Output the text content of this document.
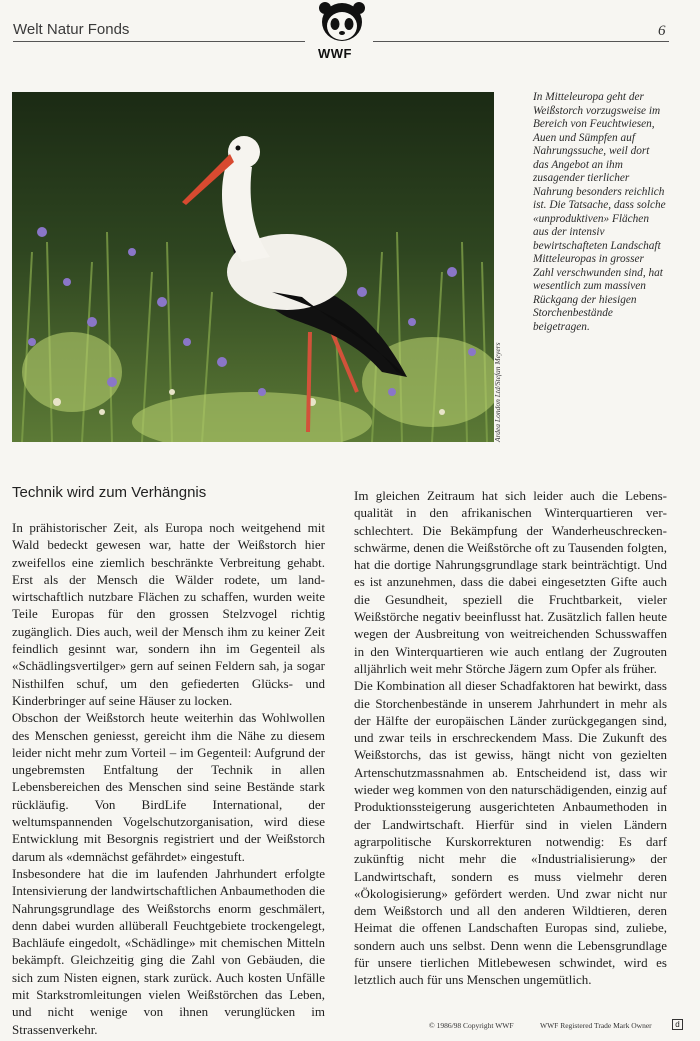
Welt Natur Fonds	6
WWF
Ardea London Ltd/Stefan Meyers
In Mitteleuropa geht der Weißstorch vorzugsweise im Bereich von Feuchtwiesen, Auen und Sümpfen auf Nahrungssuche, weil dort das Angebot an ihm zusagender tierlicher Nahrung besonders reichlich ist. Die Tatsache, dass solche «unproduktiven» Flächen aus der intensiv bewirtschafteten Landschaft Mitteleuropas in grosser Zahl verschwunden sind, hat wesentlich zum massiven Rückgang der hiesigen Storchenbestände beigetragen.
Technik wird zum Verhängnis

In prähistorischer Zeit, als Europa noch weitgehend mit Wald bedeckt gewesen war, hatte der Weißstorch hier zweifellos eine ziemlich beschränkte Verbreitung gehabt. Erst als der Mensch die Wälder rodete, um landwirtschaftlich nutzbare Flächen zu schaffen, wurden weite Teile Europas für den grossen Stelzvogel richtig zugänglich. Dies auch, weil der Mensch ihm zu keiner Zeit feindlich gesinnt war, sondern ihn im Gegenteil als «Schädlingsvertilger» gern auf seinen Feldern sah, ja sogar Nisthilfen schuf, um den gefiederten Glücks- und Kinderbringer auf seine Häuser zu locken.

Obschon der Weißstorch heute weiterhin das Wohlwollen des Menschen geniesst, gereicht ihm die Nähe zu diesem leider nicht mehr zum Vorteil – im Gegenteil: Aufgrund der ungebremsten Entfaltung der Technik in allen Lebensbereichen des Menschen sind seine Bestände stark rückläufig. Von BirdLife International, der weltumspannenden Vogelschutzorganisation, wird diese Entwicklung mit Besorgnis registriert und der Weißstorch darum als «demnächst gefährdet» eingestuft.

Insbesondere hat die im laufenden Jahrhundert erfolgte Intensivierung der landwirtschaftlichen Anbaumethoden die Nahrungsgrundlage des Weißstorchs enorm geschmälert, denn dabei wurden allüberall Feuchtgebiete trockengelegt, Bachläufe eingedolt, «Schädlinge» mit chemischen Mitteln bekämpft. Gleichzeitig ging die Zahl von Gebäuden, die sich zum Nisten eignen, stark zurück. Auch kosten Unfälle mit Starkstromleitungen vielen Weißstörchen das Leben, und nicht wenige von ihnen verunglücken im Strassenverkehr.

Im gleichen Zeitraum hat sich leider auch die Lebensqualität in den afrikanischen Winterquartieren verschlechtert. Die Bekämpfung der Wanderheuschreckenschwärme, denen die Weißstörche oft zu Tausenden folgten, hat die dortige Nahrungsgrundlage stark beinträchtigt. Und es ist anzunehmen, dass die dabei eingesetzten Gifte auch die Gesundheit, speziell die Fruchtbarkeit, vieler Weißstörche negativ beeinflusst hat. Zusätzlich fallen heute wegen der Ausbreitung von weitreichenden Schusswaffen in den Winterquartieren wie auch entlang der Zugrouten alljährlich weit mehr Störche Jägern zum Opfer als früher.

Die Kombination all dieser Schadfaktoren hat bewirkt, dass die Storchenbestände in unserem Jahrhundert in mehr als der Hälfte der europäischen Länder zurückgegangen sind, und zwar teils in erschreckendem Mass. Die Zukunft des Weißstorchs, das ist gewiss, hängt nicht von gezielten Artenschutzmassnahmen ab. Entscheidend ist, dass wir wieder weg kommen von den naturschädigenden, einzig auf Produktionssteigerung ausgerichteten Anbaumethoden in der Landwirtschaft. Hierfür sind in vielen Ländern agrarpolitische Kurskorrekturen notwendig: Es darf zukünftig nicht mehr die «Industrialisierung» der Landwirtschaft, sondern es muss vielmehr deren «Ökologisierung» gefördert werden. Und zwar nicht nur dem Weißstorch und all den anderen Wildtieren, deren Heimat die offenen Landschaften Europas sind, zuliebe, sondern auch uns selbst. Denn wenn die Lebensgrundlage für unsere tierlichen Mitlebewesen schwindet, wird es letztlich auch für uns Menschen ungemütlich.

© 1986/98 Copyright WWF	WWF Registered Trade Mark Owner	d
